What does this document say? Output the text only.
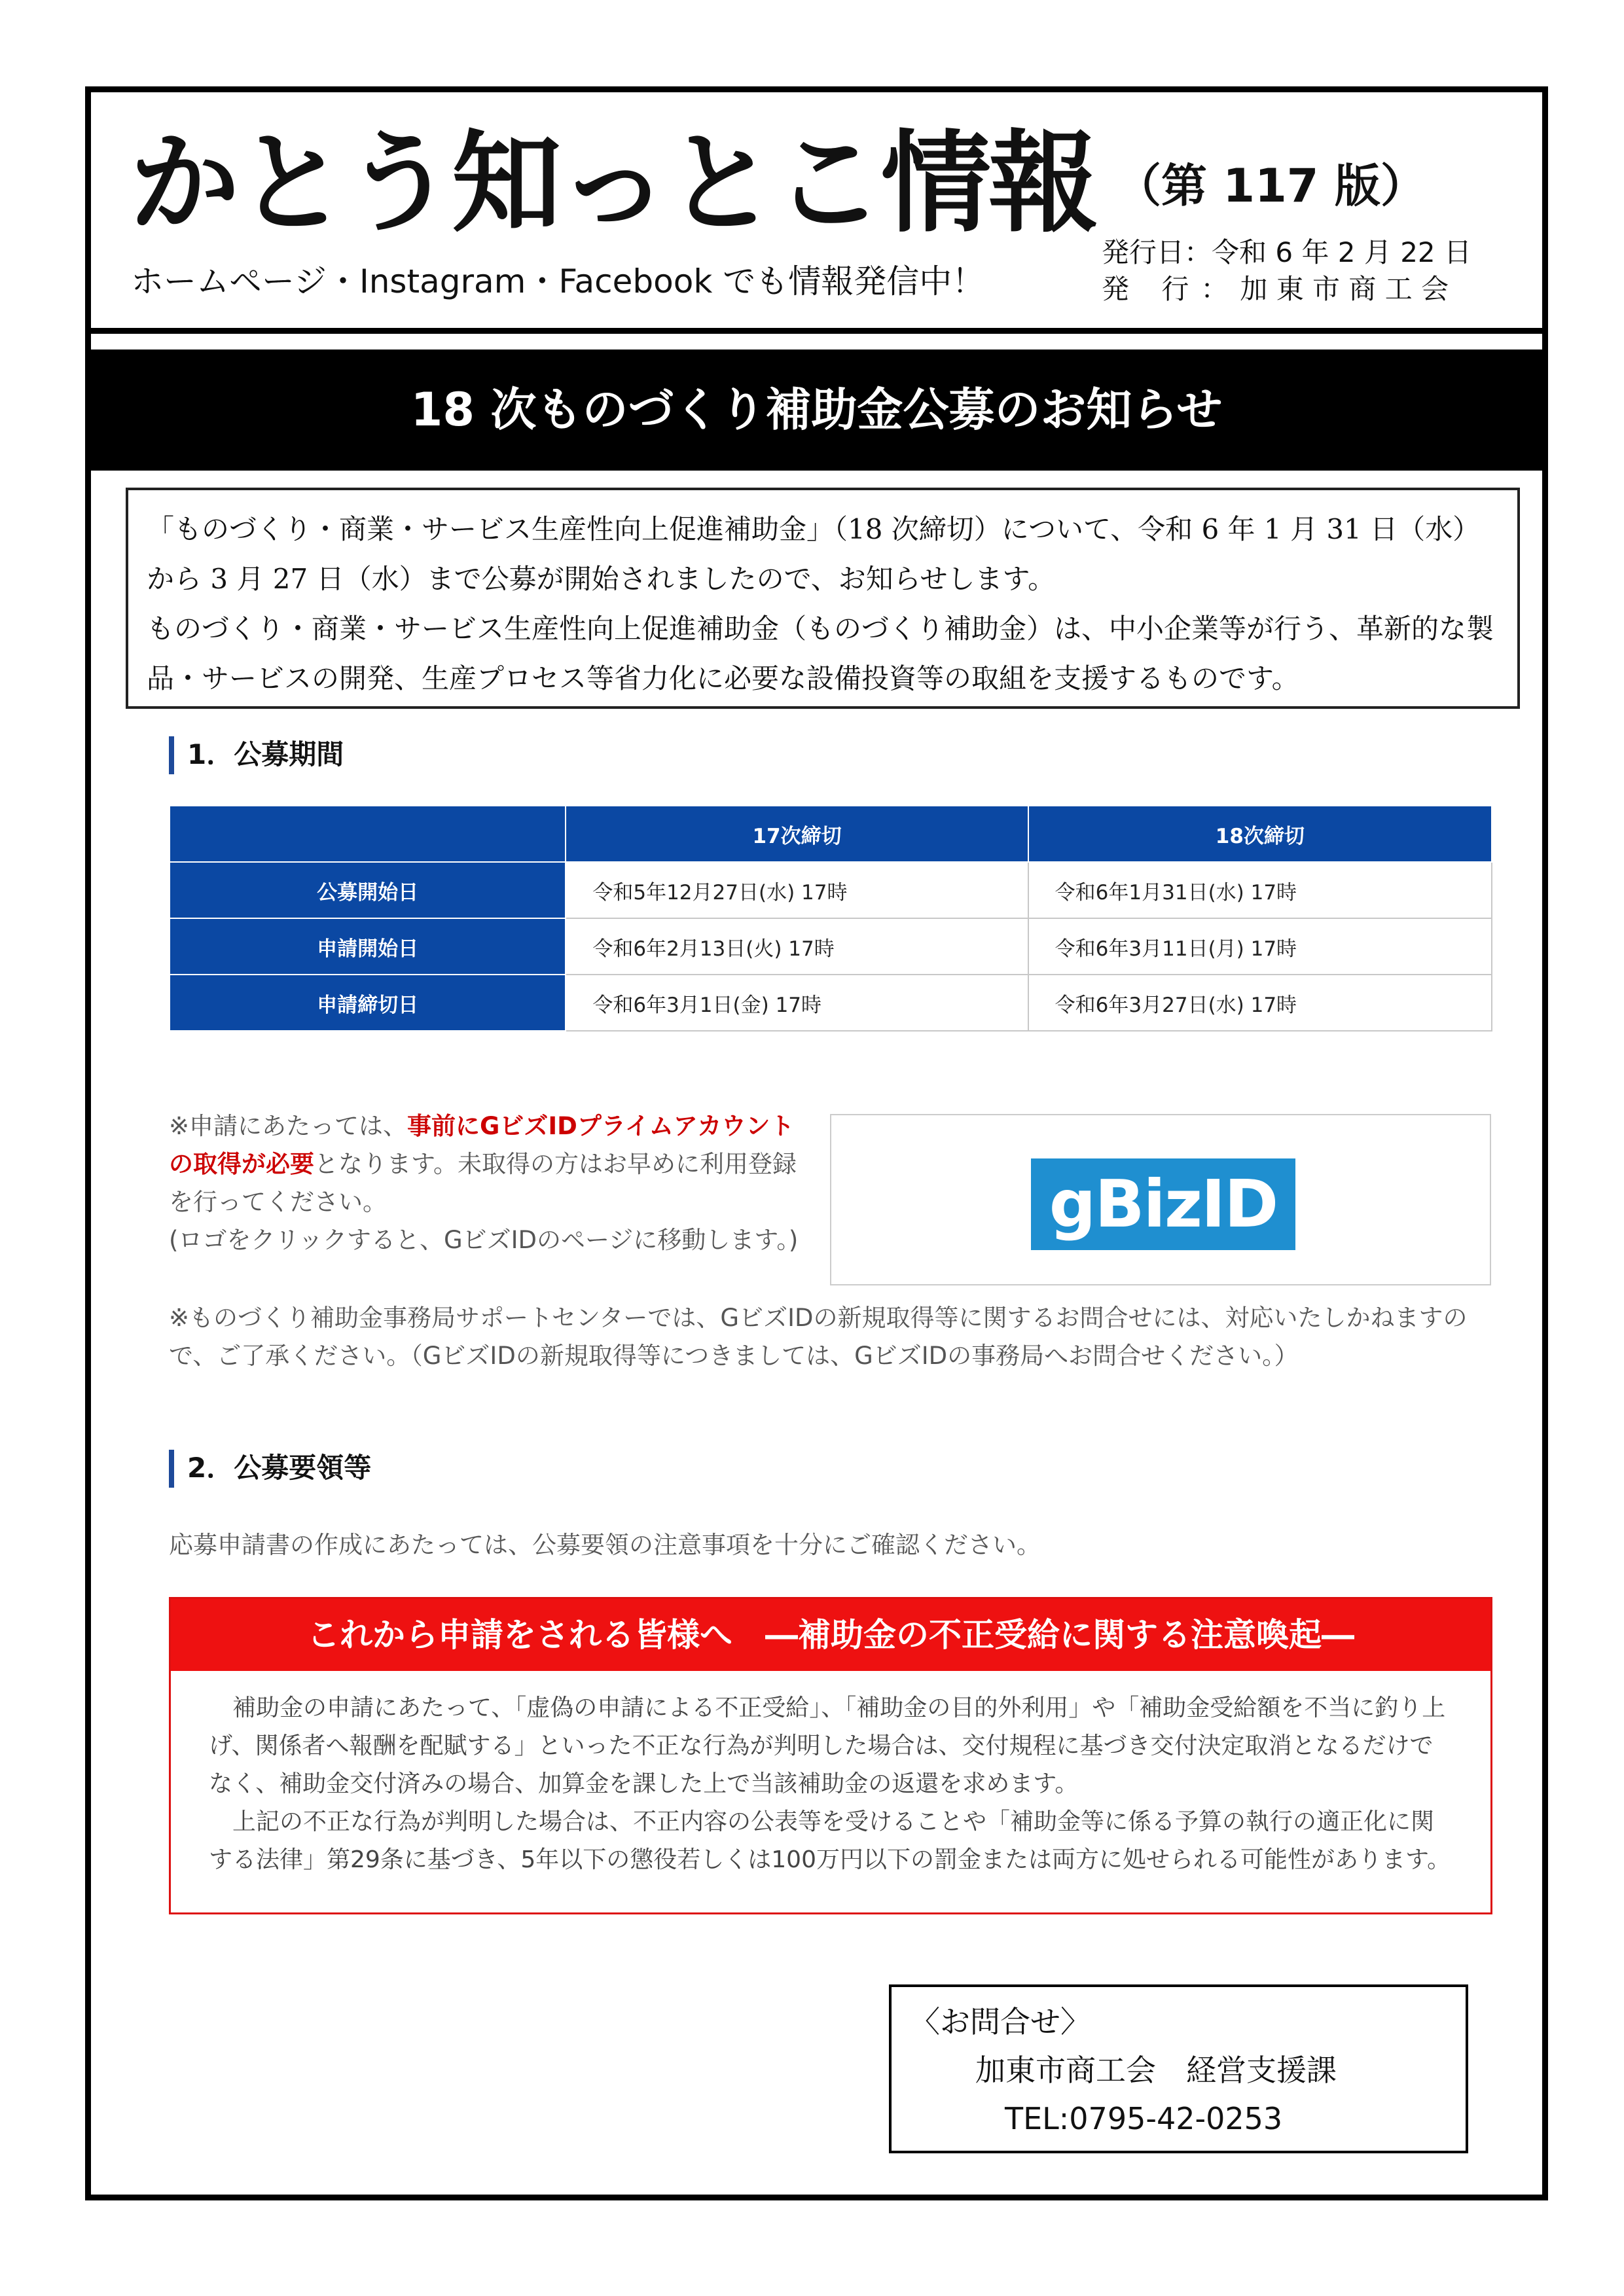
かとう知っとこ情報 （第 117 版）
ホームページ・Instagram・Facebook でも情報発信中！
発行日：令和 6 年 2 月 22 日
発 行：加 東 市 商 工 会
18 次ものづくり補助金公募のお知らせ

「ものづくり・商業・サービス生産性向上促進補助金」（18 次締切）について、令和 6 年 1 月 31 日（水）から 3 月 27 日（水）まで公募が開始されましたので、お知らせします。

ものづくり・商業・サービス生産性向上促進補助金（ものづくり補助金）は、中小企業等が行う、革新的な製品・サービスの開発、生産プロセス等省力化に必要な設備投資等の取組を支援するものです。

1．公募期間
	17次締切	18次締切
公募開始日	令和5年12月27日(水) 17時	令和6年1月31日(水) 17時
申請開始日	令和6年2月13日(火) 17時	令和6年3月11日(月) 17時
申請締切日	令和6年3月1日(金) 17時	令和6年3月27日(水) 17時
※申請にあたっては、事前にGビズIDプライムアカウントの取得が必要となります。未取得の方はお早めに利用登録を行ってください。
(ロゴをクリックすると、GビズIDのページに移動します。)	gBizID
※ものづくり補助金事務局サポートセンターでは、GビズIDの新規取得等に関するお問合せには、対応いたしかねますので、ご了承ください。（GビズIDの新規取得等につきましては、GビズIDの事務局へお問合せください。）
2．公募要領等
応募申請書の作成にあたっては、公募要領の注意事項を十分にご確認ください。
これから申請をされる皆様へ　―補助金の不正受給に関する注意喚起―

補助金の申請にあたって、「虚偽の申請による不正受給」、「補助金の目的外利用」や「補助金受給額を不当に釣り上げ、関係者へ報酬を配賦する」といった不正な行為が判明した場合は、交付規程に基づき交付決定取消となるだけでなく、補助金交付済みの場合、加算金を課した上で当該補助金の返還を求めます。

上記の不正な行為が判明した場合は、不正内容の公表等を受けることや「補助金等に係る予算の執行の適正化に関する法律」第29条に基づき、5年以下の懲役若しくは100万円以下の罰金または両方に処せられる可能性があります。

〈お問合せ〉
加東市商工会　経営支援課
TEL:0795-42-0253
